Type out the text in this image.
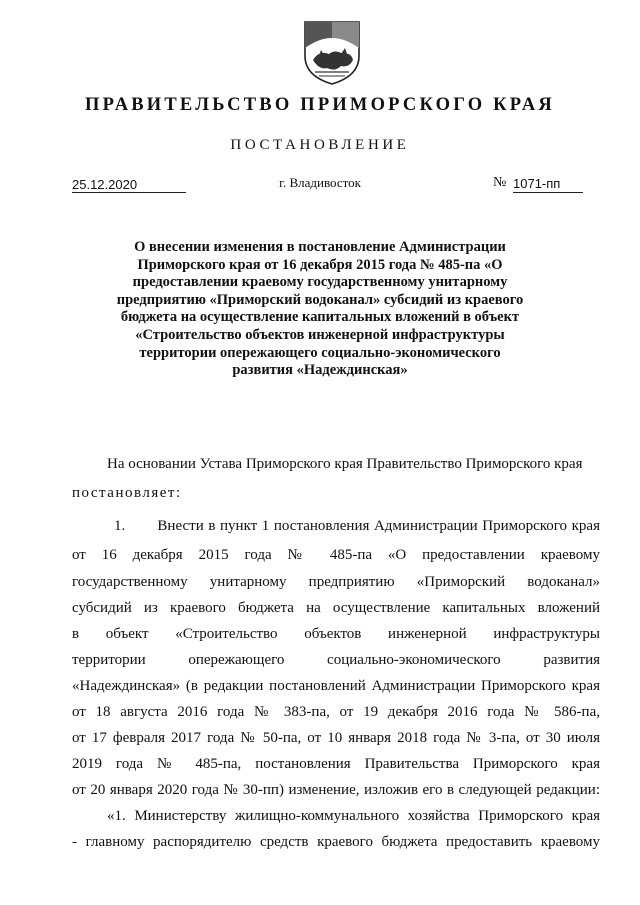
ПРАВИТЕЛЬСТВО ПРИМОРСКОГО КРАЯ
ПОСТАНОВЛЕНИЕ
25.12.2020	г. Владивосток	№ 1071-пп

О внесении изменения в постановление Администрации Приморского края от 16 декабря 2015 года № 485-па «О предоставлении краевому государственному унитарному предприятию «Приморский водоканал» субсидий из краевого бюджета на осуществление капитальных вложений в объект «Строительство объектов инженерной инфраструктуры территории опережающего социально-экономического развития «Надеждинская»

На основании Устава Приморского края Правительство Приморского края
постановляет:
1.       Внести в пункт 1 постановления Администрации Приморского края
от 16 декабря 2015 года № 485-па «О предоставлении краевому
государственному унитарному предприятию «Приморский водоканал»
субсидий из краевого бюджета на осуществление капитальных вложений
в объект «Строительство объектов инженерной инфраструктуры
территории опережающего социально-экономического развития
«Надеждинская» (в редакции постановлений Администрации Приморского края
от 18 августа 2016 года № 383-па, от 19 декабря 2016 года № 586-па,
от 17 февраля 2017 года № 50-па, от 10 января 2018 года № 3-па, от 30 июля
2019 года № 485-па, постановления Правительства Приморского края
от 20 января 2020 года № 30-пп) изменение, изложив его в следующей редакции:
«1. Министерству жилищно-коммунального хозяйства Приморского края
- главному распорядителю средств краевого бюджета предоставить краевому
